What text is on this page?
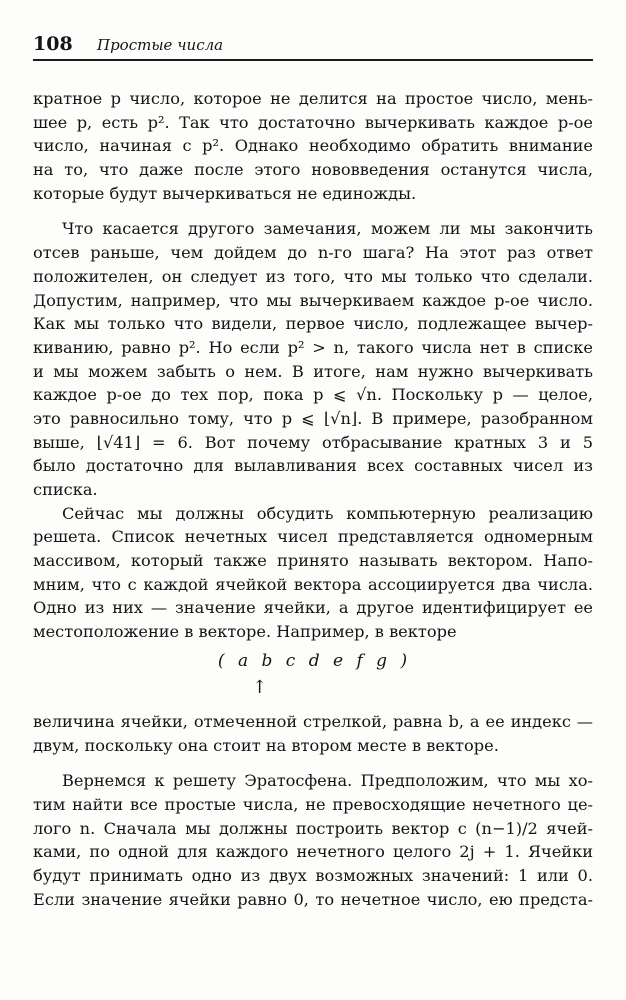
108 Простые числа
кратное p число, которое не делится на простое число, мень-
шее p, есть p². Так что достаточно вычеркивать каждое p-ое
число, начиная с p². Однако необходимо обратить внимание
на то, что даже после этого нововведения останутся числа,
которые будут вычеркиваться не единожды.
Что касается другого замечания, можем ли мы закончить
отсев раньше, чем дойдем до n-го шага? На этот раз ответ
положителен, он следует из того, что мы только что сделали.
Допустим, например, что мы вычеркиваем каждое p-ое число.
Как мы только что видели, первое число, подлежащее вычер-
киванию, равно p². Но если p² > n, такого числа нет в списке
и мы можем забыть о нем. В итоге, нам нужно вычеркивать
каждое p-ое до тех пор, пока p ⩽ √n. Поскольку p — целое,
это равносильно тому, что p ⩽ ⌊√n⌋. В примере, разобранном
выше, ⌊√41⌋ = 6. Вот почему отбрасывание кратных 3 и 5
было достаточно для вылавливания всех составных чисел из
списка.
Сейчас мы должны обсудить компьютерную реализацию
решета. Список нечетных чисел представляется одномерным
массивом, который также принято называть вектором. Напо-
мним, что с каждой ячейкой вектора ассоциируется два числа.
Одно из них — значение ячейки, а другое идентифицирует ее
местоположение в векторе. Например, в векторе
( a b c d e f g )
↑
величина ячейки, отмеченной стрелкой, равна b, а ее индекс —
двум, поскольку она стоит на втором месте в векторе.
Вернемся к решету Эратосфена. Предположим, что мы хо-
тим найти все простые числа, не превосходящие нечетного це-
лого n. Сначала мы должны построить вектор с (n−1)/2 ячей-
ками, по одной для каждого нечетного целого 2j + 1. Ячейки
будут принимать одно из двух возможных значений: 1 или 0.
Если значение ячейки равно 0, то нечетное число, ею предста-
